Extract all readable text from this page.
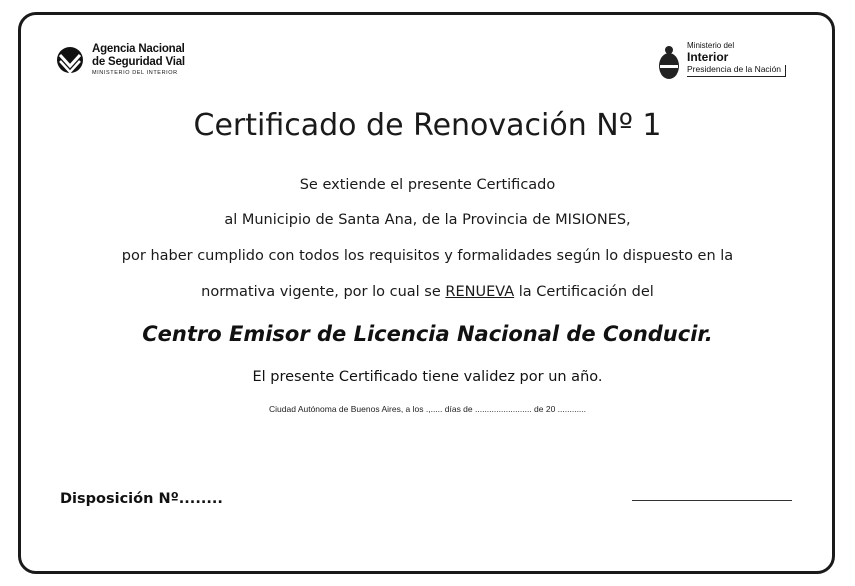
Agencia Nacional
de Seguridad Vial
MINISTERIO DEL INTERIOR
Ministerio del
Interior
Presidencia de la Nación
Certificado de Renovación Nº 1
Se extiende el presente Certificado
al Municipio de Santa Ana, de la Provincia de MISIONES,
por haber cumplido con todos los requisitos y formalidades según lo dispuesto en la
normativa vigente, por lo cual se RENUEVA la Certificación del
Centro Emisor de Licencia Nacional de Conducir.
El presente Certificado tiene validez por un año.
Ciudad Autónoma de Buenos Aires, a los .,..... días de ........................ de 20 ............
Disposición Nº........
